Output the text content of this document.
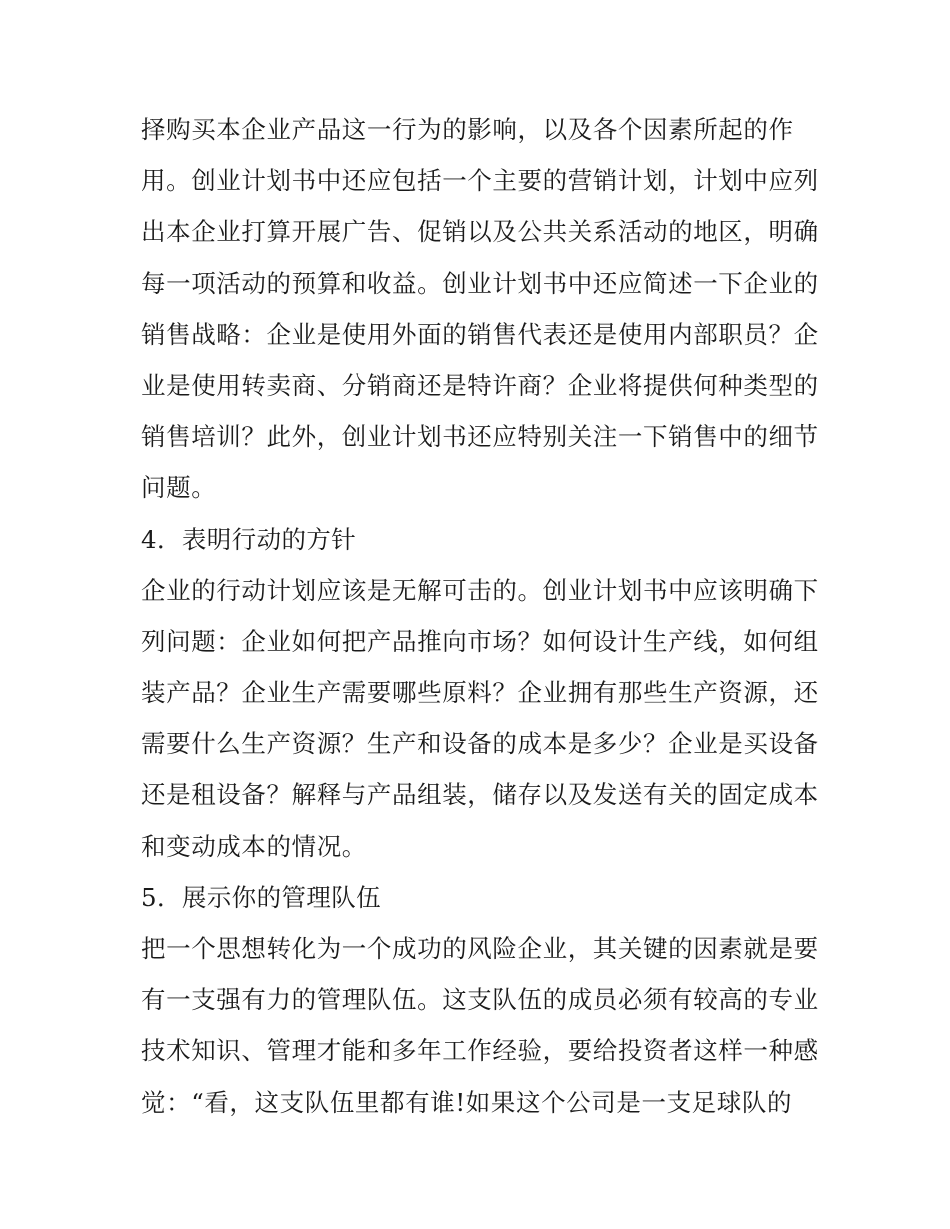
择购买本企业产品这一行为的影响，以及各个因素所起的作
用。创业计划书中还应包括一个主要的营销计划，计划中应列
出本企业打算开展广告、促销以及公共关系活动的地区，明确
每一项活动的预算和收益。创业计划书中还应简述一下企业的
销售战略：企业是使用外面的销售代表还是使用内部职员？企
业是使用转卖商、分销商还是特许商？企业将提供何种类型的
销售培训？此外，创业计划书还应特别关注一下销售中的细节
问题。
4．表明行动的方针
企业的行动计划应该是无解可击的。创业计划书中应该明确下
列问题：企业如何把产品推向市场？如何设计生产线，如何组
装产品？企业生产需要哪些原料？企业拥有那些生产资源，还
需要什么生产资源？生产和设备的成本是多少？企业是买设备
还是租设备？解释与产品组装，储存以及发送有关的固定成本
和变动成本的情况。
5．展示你的管理队伍
把一个思想转化为一个成功的风险企业，其关键的因素就是要
有一支强有力的管理队伍。这支队伍的成员必须有较高的专业
技术知识、管理才能和多年工作经验，要给投资者这样一种感
觉：“看，这支队伍里都有谁!如果这个公司是一支足球队的
